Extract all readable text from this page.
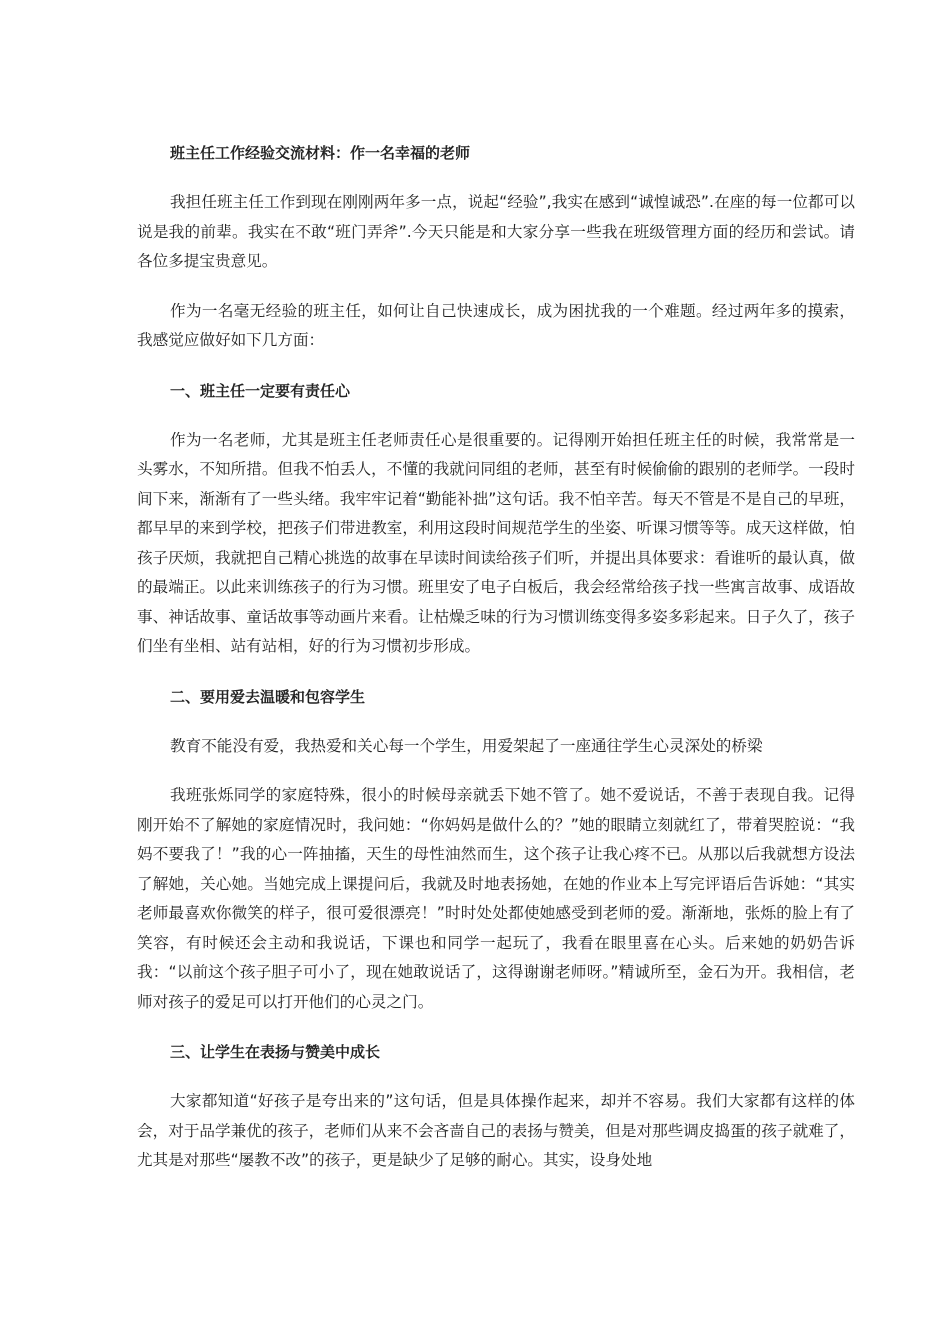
班主任工作经验交流材料：作一名幸福的老师

我担任班主任工作到现在刚刚两年多一点，说起“经验”,我实在感到“诚惶诚恐”.在座的每一位都可以说是我的前辈。我实在不敢“班门弄斧”.今天只能是和大家分享一些我在班级管理方面的经历和尝试。请各位多提宝贵意见。

作为一名毫无经验的班主任，如何让自己快速成长，成为困扰我的一个难题。经过两年多的摸索，我感觉应做好如下几方面：

一、班主任一定要有责任心

作为一名老师，尤其是班主任老师责任心是很重要的。记得刚开始担任班主任的时候，我常常是一头雾水，不知所措。但我不怕丢人，不懂的我就问同组的老师，甚至有时候偷偷的跟别的老师学。一段时间下来，渐渐有了一些头绪。我牢牢记着“勤能补拙”这句话。我不怕辛苦。每天不管是不是自己的早班，都早早的来到学校，把孩子们带进教室，利用这段时间规范学生的坐姿、听课习惯等等。成天这样做，怕孩子厌烦，我就把自己精心挑选的故事在早读时间读给孩子们听，并提出具体要求：看谁听的最认真，做的最端正。以此来训练孩子的行为习惯。班里安了电子白板后，我会经常给孩子找一些寓言故事、成语故事、神话故事、童话故事等动画片来看。让枯燥乏味的行为习惯训练变得多姿多彩起来。日子久了，孩子们坐有坐相、站有站相，好的行为习惯初步形成。

二、要用爱去温暖和包容学生

教育不能没有爱，我热爱和关心每一个学生，用爱架起了一座通往学生心灵深处的桥梁

我班张烁同学的家庭特殊，很小的时候母亲就丢下她不管了。她不爱说话，不善于表现自我。记得刚开始不了解她的家庭情况时，我问她：“你妈妈是做什么的？”她的眼睛立刻就红了，带着哭腔说：“我妈不要我了！”我的心一阵抽搐，天生的母性油然而生，这个孩子让我心疼不已。从那以后我就想方设法了解她，关心她。当她完成上课提问后，我就及时地表扬她，在她的作业本上写完评语后告诉她：“其实老师最喜欢你微笑的样子，很可爱很漂亮！”时时处处都使她感受到老师的爱。渐渐地，张烁的脸上有了笑容，有时候还会主动和我说话，下课也和同学一起玩了，我看在眼里喜在心头。后来她的奶奶告诉我：“以前这个孩子胆子可小了，现在她敢说话了，这得谢谢老师呀。”精诚所至，金石为开。我相信，老师对孩子的爱足可以打开他们的心灵之门。

三、让学生在表扬与赞美中成长

大家都知道“好孩子是夸出来的”这句话，但是具体操作起来，却并不容易。我们大家都有这样的体会，对于品学兼优的孩子，老师们从来不会吝啬自己的表扬与赞美，但是对那些调皮捣蛋的孩子就难了，尤其是对那些“屡教不改”的孩子，更是缺少了足够的耐心。其实，设身处地
